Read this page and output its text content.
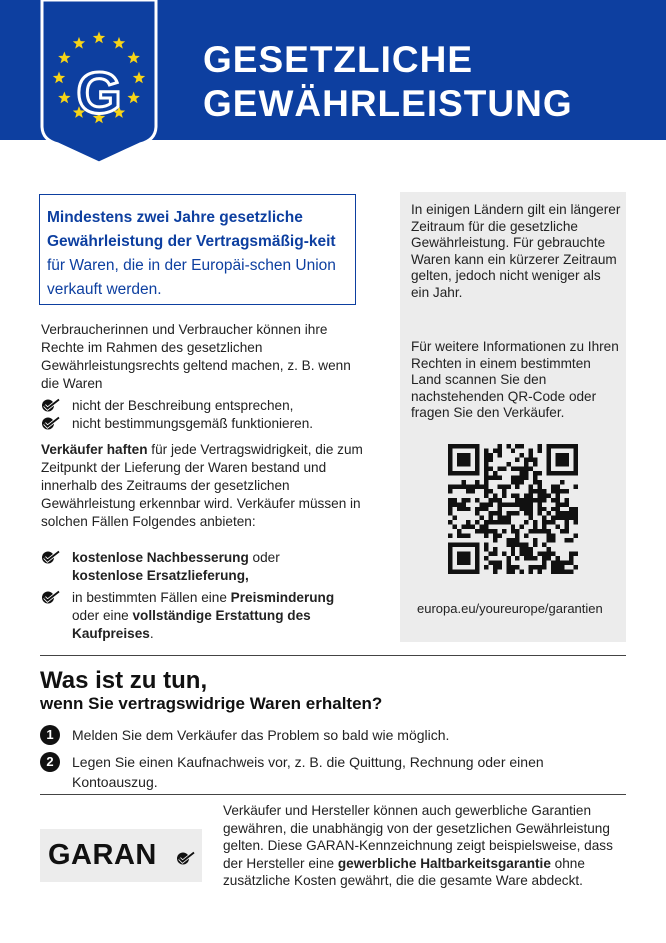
G
GESETZLICHE
GEWÄHRLEISTUNG
Mindestens zwei Jahre gesetzliche Gewährleistung der Vertragsmäßig-keit für Waren, die in der Europäi-schen Union verkauft werden.
Verbraucherinnen und Verbraucher können ihre Rechte im Rahmen des gesetzlichen Gewährleistungsrechts geltend machen, z. B. wenn die Waren
nicht der Beschreibung entsprechen,
nicht bestimmungsgemäß funktionieren.
Verkäufer haften für jede Vertragswidrigkeit, die zum Zeitpunkt der Lieferung der Waren bestand und innerhalb des Zeitraums der gesetzlichen Gewährleistung erkennbar wird. Verkäufer müssen in solchen Fällen Folgendes anbieten:
kostenlose Nachbesserung oder
kostenlose Ersatzlieferung,
in bestimmten Fällen eine Preisminderung
oder eine vollständige Erstattung des Kaufpreises.
In einigen Ländern gilt ein längerer Zeitraum für die gesetzliche Gewährleistung. Für gebrauchte Waren kann ein kürzerer Zeitraum gelten, jedoch nicht weniger als ein Jahr.
Für weitere Informationen zu Ihren Rechten in einem bestimmten Land scannen Sie den nachstehenden QR-Code oder fragen Sie den Verkäufer.
europa.eu/youreurope/garantien
Was ist zu tun,
wenn Sie vertragswidrige Waren erhalten?
1	Melden Sie dem Verkäufer das Problem so bald wie möglich.
2	Legen Sie einen Kaufnachweis vor, z. B. die Quittung, Rechnung oder einen Kontoauszug.
GARAN
Verkäufer und Hersteller können auch gewerbliche Garantien gewähren, die unabhängig von der gesetzlichen Gewährleistung gelten. Diese GARAN-Kennzeichnung zeigt beispielsweise, dass der Hersteller eine gewerbliche Haltbarkeitsgarantie ohne zusätzliche Kosten gewährt, die die gesamte Ware abdeckt.
